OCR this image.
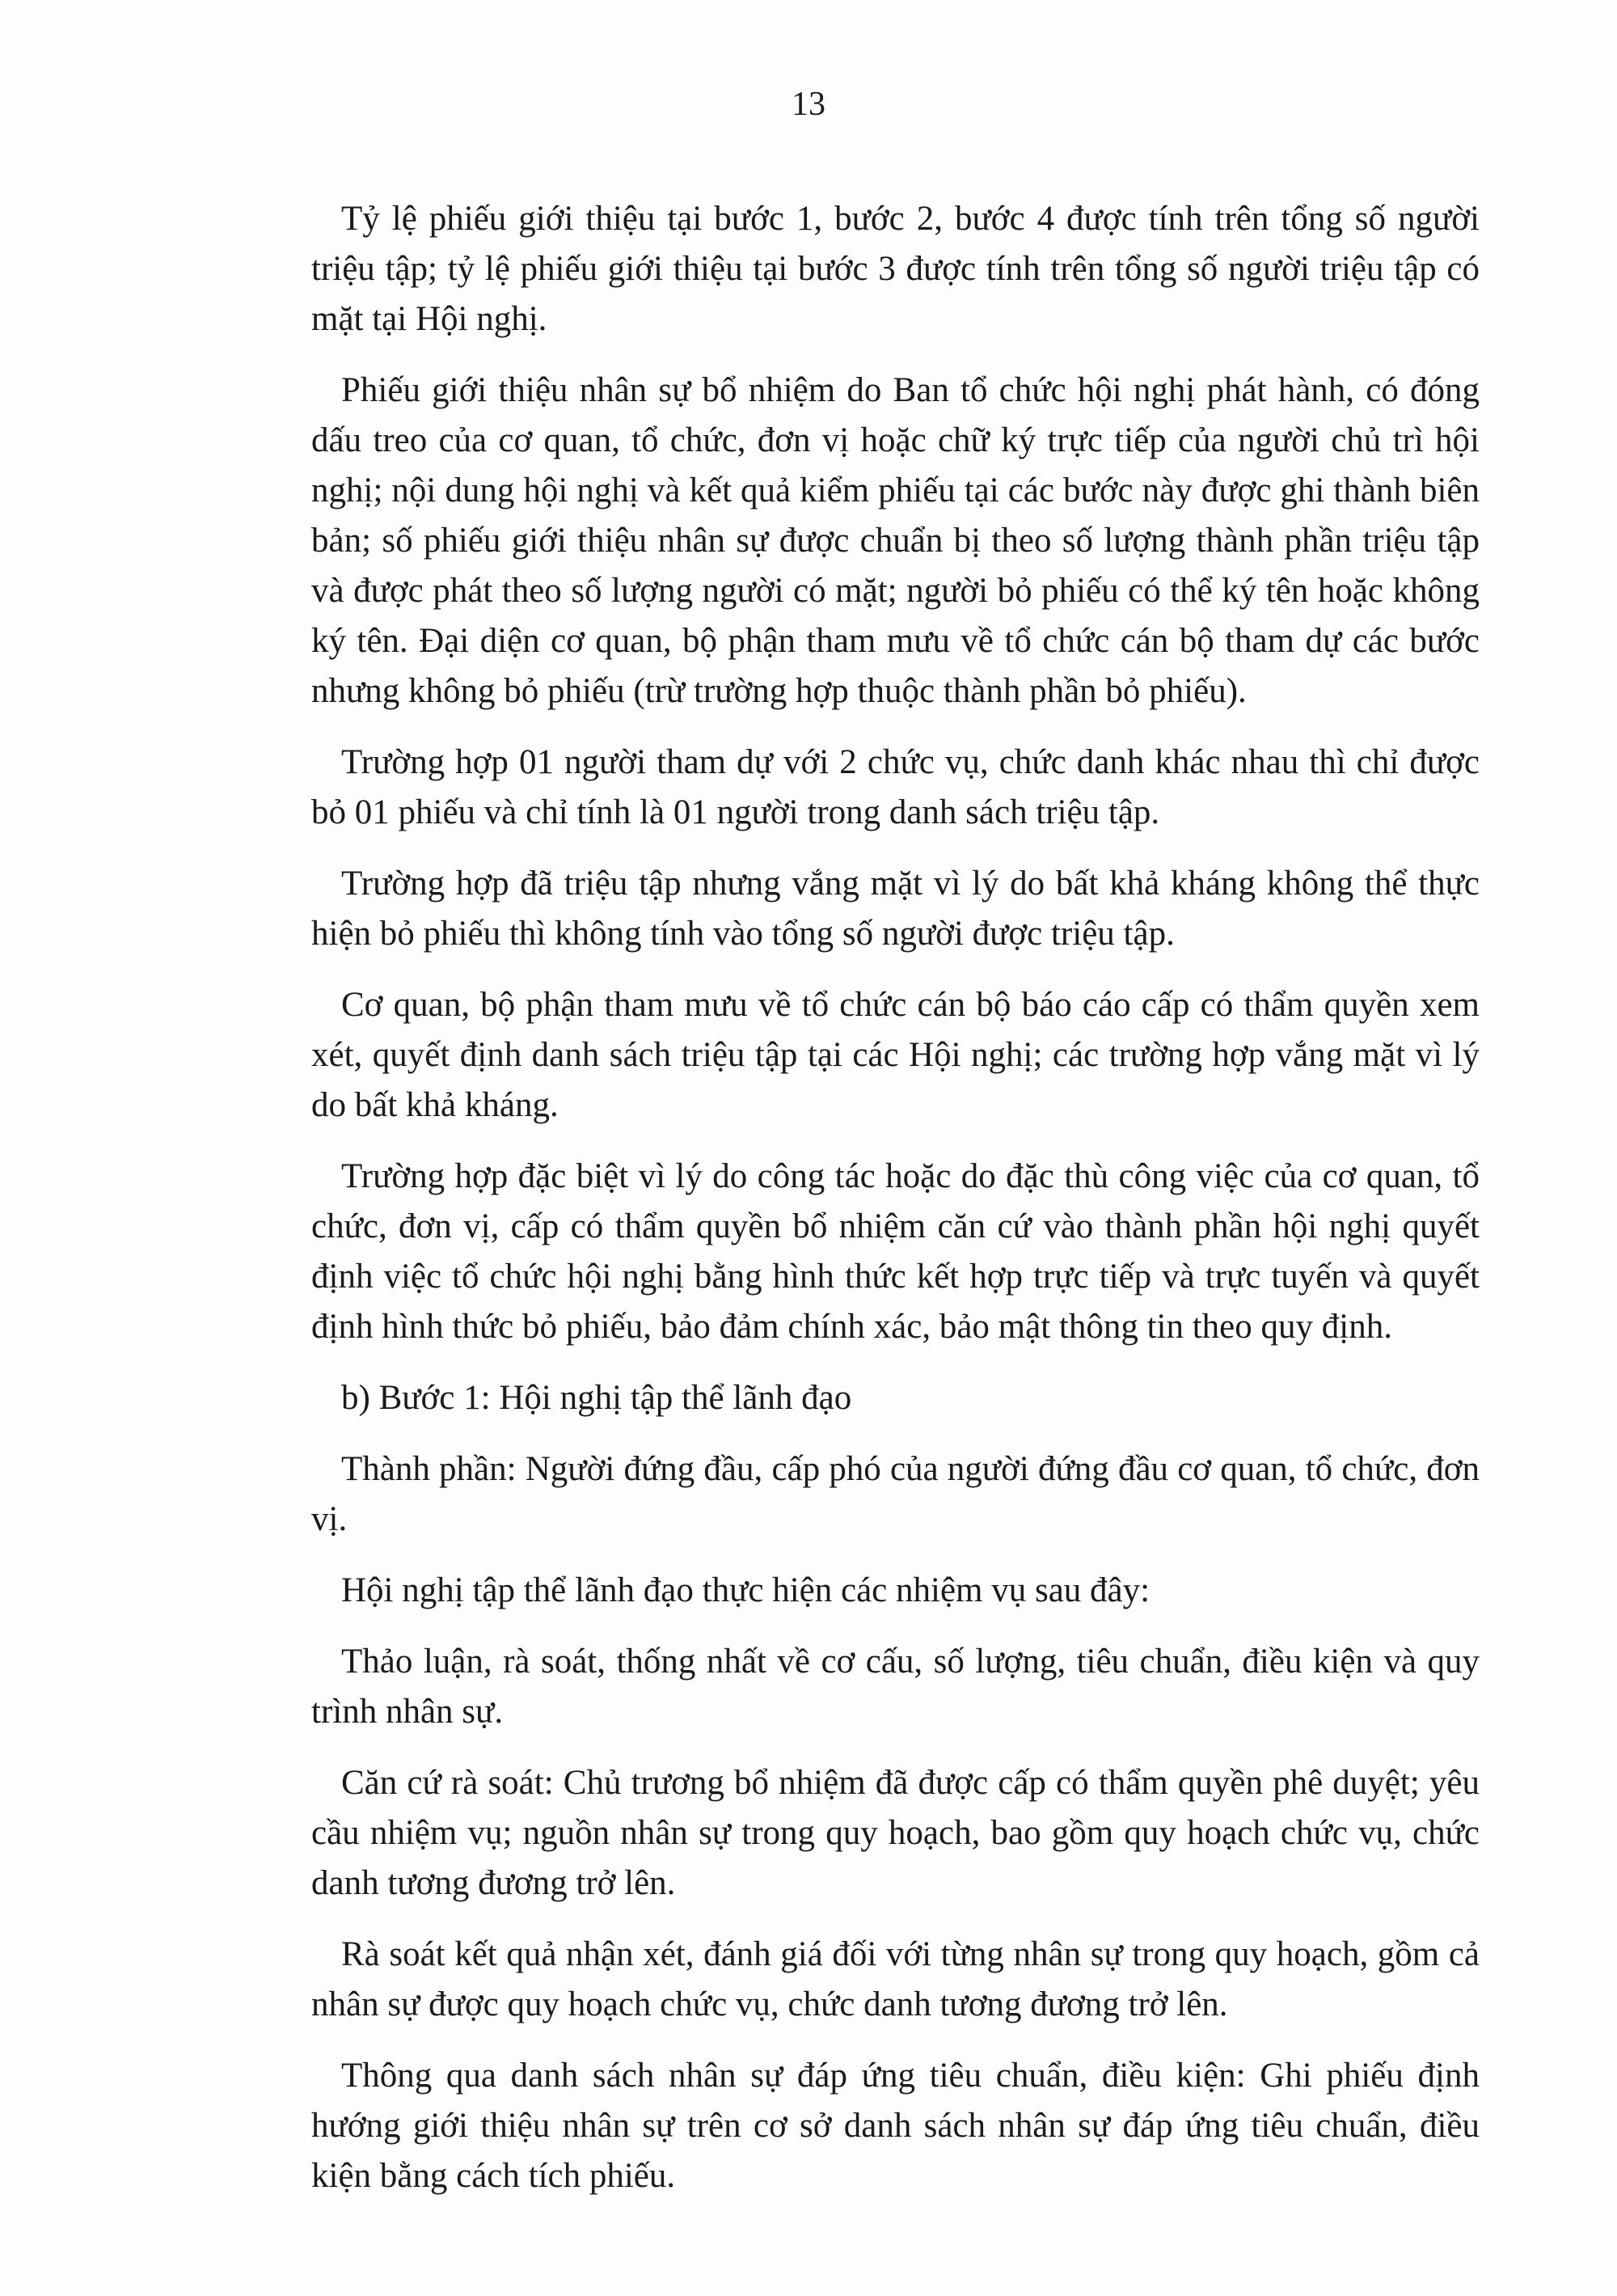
13

Tỷ lệ phiếu giới thiệu tại bước 1, bước 2, bước 4 được tính trên tổng số người triệu tập; tỷ lệ phiếu giới thiệu tại bước 3 được tính trên tổng số người triệu tập có mặt tại Hội nghị.

Phiếu giới thiệu nhân sự bổ nhiệm do Ban tổ chức hội nghị phát hành, có đóng dấu treo của cơ quan, tổ chức, đơn vị hoặc chữ ký trực tiếp của người chủ trì hội nghị; nội dung hội nghị và kết quả kiểm phiếu tại các bước này được ghi thành biên bản; số phiếu giới thiệu nhân sự được chuẩn bị theo số lượng thành phần triệu tập và được phát theo số lượng người có mặt; người bỏ phiếu có thể ký tên hoặc không ký tên. Đại diện cơ quan, bộ phận tham mưu về tổ chức cán bộ tham dự các bước nhưng không bỏ phiếu (trừ trường hợp thuộc thành phần bỏ phiếu).

Trường hợp 01 người tham dự với 2 chức vụ, chức danh khác nhau thì chỉ được bỏ 01 phiếu và chỉ tính là 01 người trong danh sách triệu tập.

Trường hợp đã triệu tập nhưng vắng mặt vì lý do bất khả kháng không thể thực hiện bỏ phiếu thì không tính vào tổng số người được triệu tập.

Cơ quan, bộ phận tham mưu về tổ chức cán bộ báo cáo cấp có thẩm quyền xem xét, quyết định danh sách triệu tập tại các Hội nghị; các trường hợp vắng mặt vì lý do bất khả kháng.

Trường hợp đặc biệt vì lý do công tác hoặc do đặc thù công việc của cơ quan, tổ chức, đơn vị, cấp có thẩm quyền bổ nhiệm căn cứ vào thành phần hội nghị quyết định việc tổ chức hội nghị bằng hình thức kết hợp trực tiếp và trực tuyến và quyết định hình thức bỏ phiếu, bảo đảm chính xác, bảo mật thông tin theo quy định.

b) Bước 1: Hội nghị tập thể lãnh đạo

Thành phần: Người đứng đầu, cấp phó của người đứng đầu cơ quan, tổ chức, đơn vị.

Hội nghị tập thể lãnh đạo thực hiện các nhiệm vụ sau đây:

Thảo luận, rà soát, thống nhất về cơ cấu, số lượng, tiêu chuẩn, điều kiện và quy trình nhân sự.

Căn cứ rà soát: Chủ trương bổ nhiệm đã được cấp có thẩm quyền phê duyệt; yêu cầu nhiệm vụ; nguồn nhân sự trong quy hoạch, bao gồm quy hoạch chức vụ, chức danh tương đương trở lên.

Rà soát kết quả nhận xét, đánh giá đối với từng nhân sự trong quy hoạch, gồm cả nhân sự được quy hoạch chức vụ, chức danh tương đương trở lên.

Thông qua danh sách nhân sự đáp ứng tiêu chuẩn, điều kiện: Ghi phiếu định hướng giới thiệu nhân sự trên cơ sở danh sách nhân sự đáp ứng tiêu chuẩn, điều kiện bằng cách tích phiếu.
